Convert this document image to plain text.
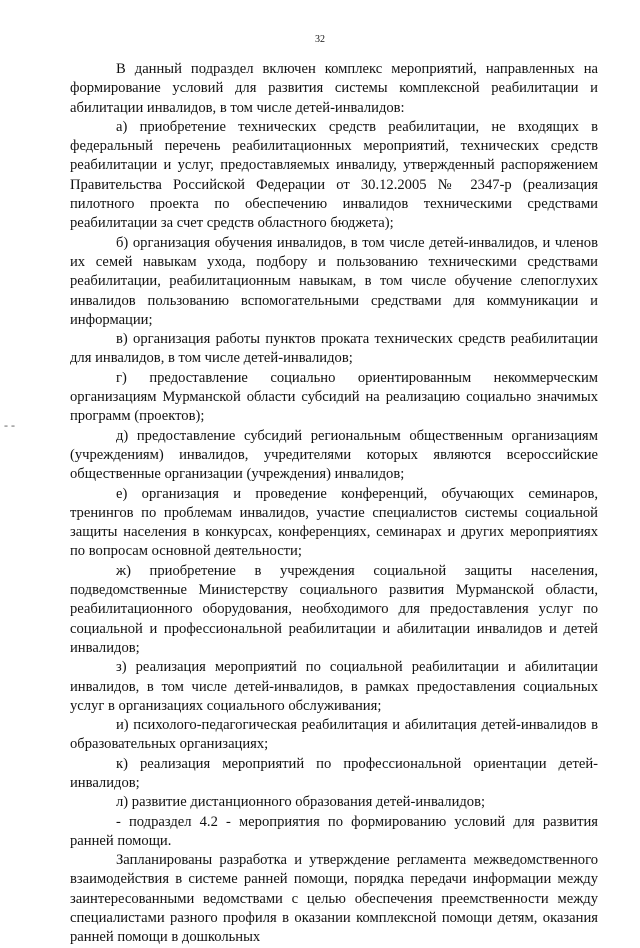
32
- -

В данный подраздел включен комплекс мероприятий, направленных на формирование условий для развития системы комплексной реабилитации и абилитации инвалидов, в том числе детей-инвалидов:

а) приобретение технических средств реабилитации, не входящих в федеральный перечень реабилитационных мероприятий, технических средств реабилитации и услуг, предоставляемых инвалиду, утвержденный распоряжением Правительства Российской Федерации от 30.12.2005 № 2347-р (реализация пилотного проекта по обеспечению инвалидов техническими средствами реабилитации за счет средств областного бюджета);

б) организация обучения инвалидов, в том числе детей-инвалидов, и членов их семей навыкам ухода, подбору и пользованию техническими средствами реабилитации, реабилитационным навыкам, в том числе обучение слепоглухих инвалидов пользованию вспомогательными средствами для коммуникации и информации;

в) организация работы пунктов проката технических средств реабилитации для инвалидов, в том числе детей-инвалидов;

г) предоставление социально ориентированным некоммерческим организациям Мурманской области субсидий на реализацию социально значимых программ (проектов);

д) предоставление субсидий региональным общественным организациям (учреждениям) инвалидов, учредителями которых являются всероссийские общественные организации (учреждения) инвалидов;

е) организация и проведение конференций, обучающих семинаров, тренингов по проблемам инвалидов, участие специалистов системы социальной защиты населения в конкурсах, конференциях, семинарах и других мероприятиях по вопросам основной деятельности;

ж) приобретение в учреждения социальной защиты населения, подведомственные Министерству социального развития Мурманской области, реабилитационного оборудования, необходимого для предоставления услуг по социальной и профессиональной реабилитации и абилитации инвалидов и детей инвалидов;

з) реализация мероприятий по социальной реабилитации и абилитации инвалидов, в том числе детей-инвалидов, в рамках предоставления социальных услуг в организациях социального обслуживания;

и) психолого-педагогическая реабилитация и абилитация детей-инвалидов в образовательных организациях;

к) реализация мероприятий по профессиональной ориентации детей-инвалидов;

л) развитие дистанционного образования детей-инвалидов;

- подраздел 4.2 - мероприятия по формированию условий для развития ранней помощи.

Запланированы разработка и утверждение регламента межведомственного взаимодействия в системе ранней помощи, порядка передачи информации между заинтересованными ведомствами с целью обеспечения преемственности между специалистами разного профиля в оказании комплексной помощи детям, оказания ранней помощи в дошкольных
